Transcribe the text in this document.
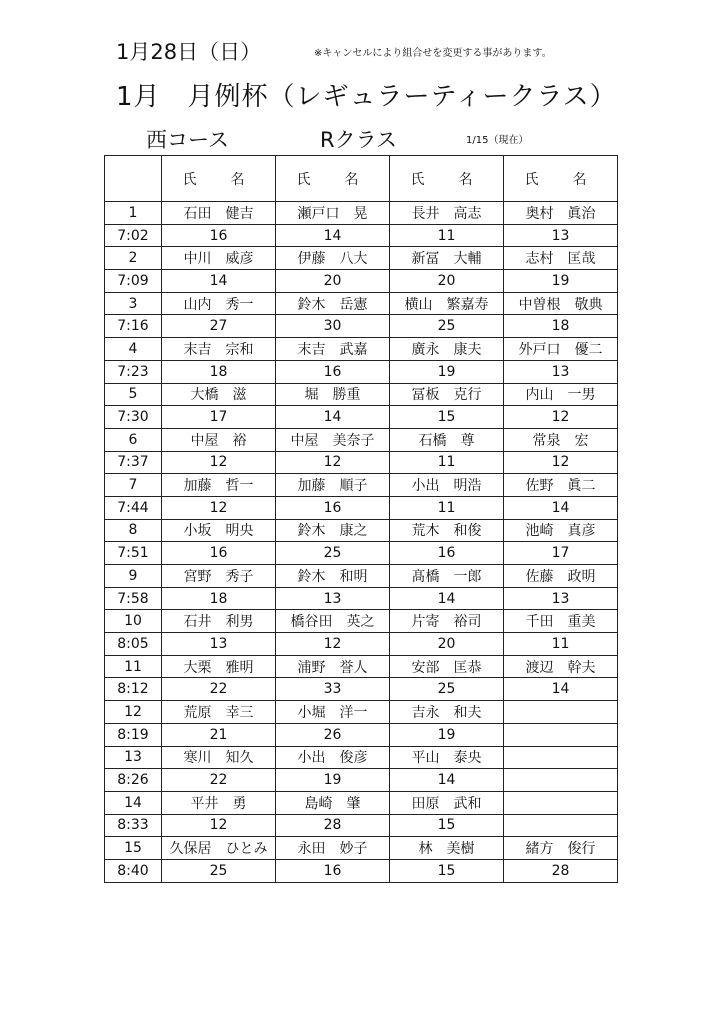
1月28日（日）	※キャンセルにより組合せを変更する事があります。
1月　月例杯（レギュラーティークラス）
西コース	Rクラス	1/15（現在）
	氏　名	氏　名	氏　名	氏　名
1	石田　健吉	瀬戸口　晃	長井　高志	奥村　眞治
7:02	16	14	11	13
2	中川　威彦	伊藤　八大	新冨　大輔	志村　匡哉
7:09	14	20	20	19
3	山内　秀一	鈴木　岳憲	横山　繁嘉寿	中曽根　敬典
7:16	27	30	25	18
4	末吉　宗和	末吉　武嘉	廣永　康夫	外戸口　優二
7:23	18	16	19	13
5	大橋　滋	堀　勝重	冨板　克行	内山　一男
7:30	17	14	15	12
6	中屋　裕	中屋　美奈子	石橋　尊	常泉　宏
7:37	12	12	11	12
7	加藤　哲一	加藤　順子	小出　明浩	佐野　眞二
7:44	12	16	11	14
8	小坂　明央	鈴木　康之	荒木　和俊	池崎　真彦
7:51	16	25	16	17
9	宮野　秀子	鈴木　和明	髙橋　一郎	佐藤　政明
7:58	18	13	14	13
10	石井　利男	橋谷田　英之	片寄　裕司	千田　重美
8:05	13	12	20	11
11	大栗　雅明	浦野　誉人	安部　匡恭	渡辺　幹夫
8:12	22	33	25	14
12	荒原　幸三	小堀　洋一	吉永　和夫	
8:19	21	26	19	
13	寒川　知久	小出　俊彦	平山　泰央	
8:26	22	19	14	
14	平井　勇	島崎　肇	田原　武和	
8:33	12	28	15	
15	久保居　ひとみ	永田　妙子	林　美樹	緒方　俊行
8:40	25	16	15	28
